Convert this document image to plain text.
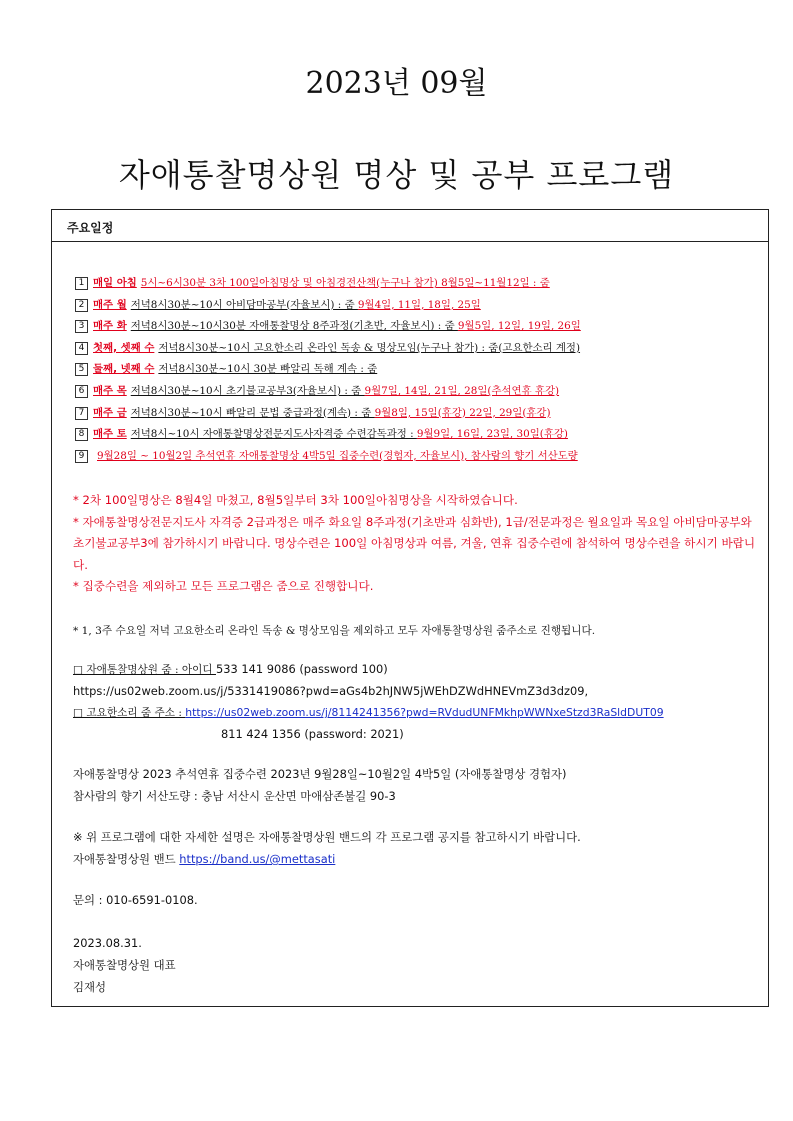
2023년 09월
자애통찰명상원 명상 및 공부 프로그램
주요일정
1 매일 아침 5시~6시30분 3차 100일아침명상 및 아침경전산책(누구나 참가) 8월5일~11월12일 : 줌
2 매주 월 저녁8시30분~10시 아비담마공부(자율보시) : 줌 9월4일, 11일, 18일, 25일
3 매주 화 저녁8시30분~10시30분 자애통찰명상 8주과정(기초반, 자율보시) : 줌 9월5일, 12일, 19일, 26일
4 첫째, 셋째 수 저녁8시30분~10시 고요한소리 온라인 독송 & 명상모임(누구나 참가) : 줌(고요한소리 계정)
5 둘째, 넷째 수 저녁8시30분~10시 30분 빠알리 독해 계속 : 줌
6 매주 목 저녁8시30분~10시 초기불교공부3(자율보시) : 줌 9월7일, 14일, 21일, 28일(추석연휴 휴강)
7 매주 금 저녁8시30분~10시 빠알리 문법 중급과정(계속) : 줌 9월8일, 15일(휴강) 22일, 29일(휴강)
8 매주 토 저녁8시~10시 자애통찰명상전문지도사자격증 수련감독과정 : 9월9일, 16일, 23일, 30일(휴강)
9 9월28일 ~ 10월2일 추석연휴 자애통찰명상 4박5일 집중수련(경험자, 자율보시), 참사람의 향기 서산도량

* 2차 100일명상은 8월4일 마쳤고, 8월5일부터 3차 100일아침명상을 시작하였습니다.

* 자애통찰명상전문지도사 자격증 2급과정은 매주 화요일 8주과정(기초반과 심화반), 1급/전문과정은 월요일과 목요일 아비담마공부와 초기불교공부3에 참가하시기 바랍니다. 명상수련은 100일 아침명상과 여름, 겨울, 연휴 집중수련에 참석하여 명상수련을 하시기 바랍니다.

* 집중수련을 제외하고 모든 프로그램은 줌으로 진행합니다.

* 1, 3주 수요일 저녁 고요한소리 온라인 독송 & 명상모임을 제외하고 모두 자애통찰명상원 줌주소로 진행됩니다.

□ 자애통찰명상원 줌 : 아이디 533 141 9086 (password 100)

https://us02web.zoom.us/j/5331419086?pwd=aGs4b2hJNW5jWEhDZWdHNEVmZ3d3dz09,

□ 고요한소리 줌 주소 : https://us02web.zoom.us/j/8114241356?pwd=RVdudUNFMkhpWWNxeStzd3RaSldDUT09

811 424 1356 (password: 2021)

자애통찰명상 2023 추석연휴 집중수련 2023년 9월28일~10월2일 4박5일 (자애통찰명상 경험자)

참사람의 향기 서산도량 : 충남 서산시 운산면 마애삼존불길 90-3

※ 위 프로그램에 대한 자세한 설명은 자애통찰명상원 밴드의 각 프로그램 공지를 참고하시기 바랍니다.

자애통찰명상원 밴드 https://band.us/@mettasati

문의 : 010-6591-0108.

2023.08.31.

자애통찰명상원 대표

김재성
